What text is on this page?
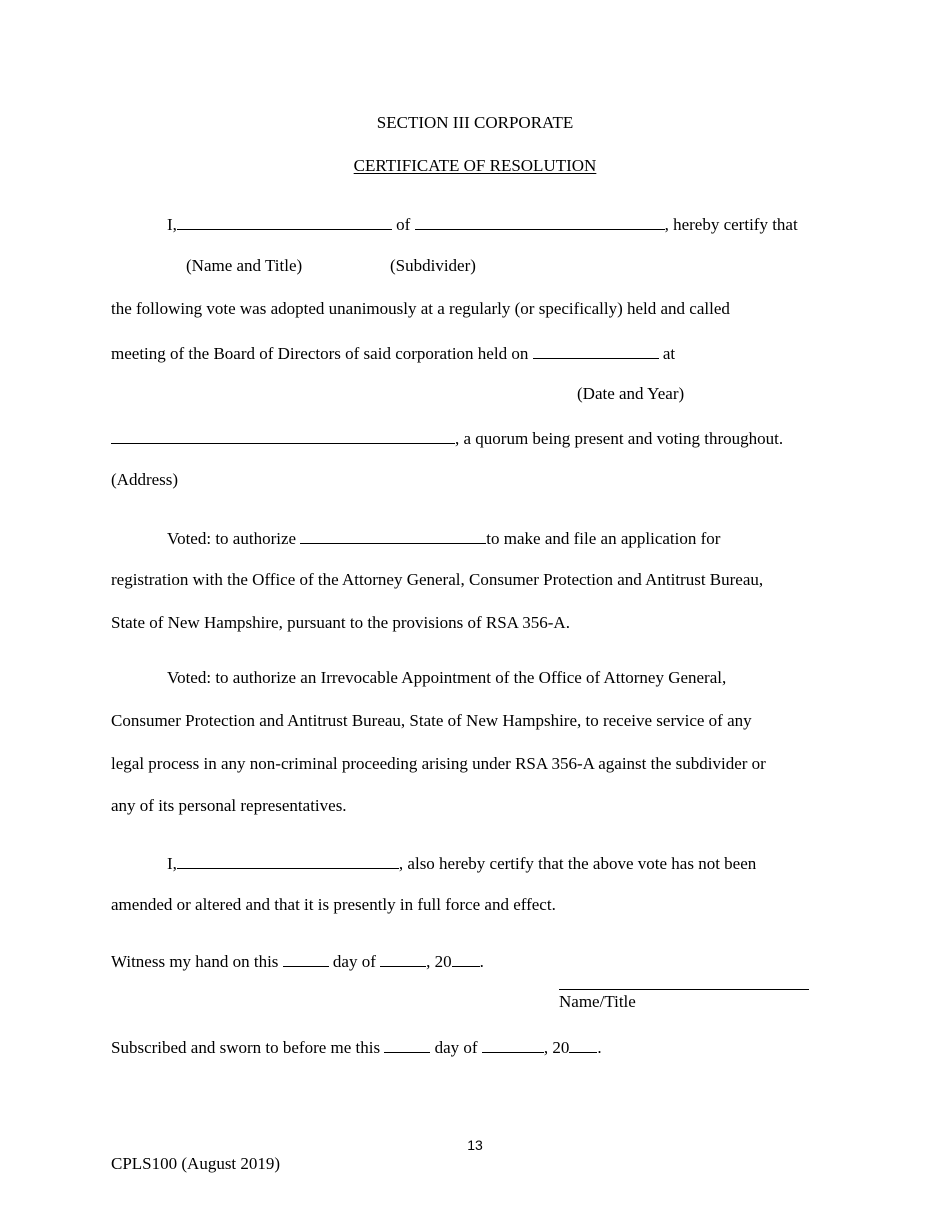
SECTION III CORPORATE
CERTIFICATE OF RESOLUTION
I,	of	, hereby certify that
(Name and Title)	(Subdivider)
the following vote was adopted unanimously at a regularly (or specifically) held and called
meeting of the Board of Directors of said corporation held on	at
(Date and Year)
, a quorum being present and voting throughout.
(Address)
Voted: to authorize	to make and file an application for
registration with the Office of the Attorney General, Consumer Protection and Antitrust Bureau,
State of New Hampshire, pursuant to the provisions of RSA 356-A.
Voted: to authorize an Irrevocable Appointment of the Office of Attorney General,
Consumer Protection and Antitrust Bureau, State of New Hampshire, to receive service of any
legal process in any non-criminal proceeding arising under RSA 356-A against the subdivider or
any of its personal representatives.
I,	, also hereby certify that the above vote has not been
amended or altered and that it is presently in full force and effect.
Witness my hand on this	day of	, 20 .
Name/Title
Subscribed and sworn to before me this	day of	, 20 .
13
CPLS100 (August 2019)
